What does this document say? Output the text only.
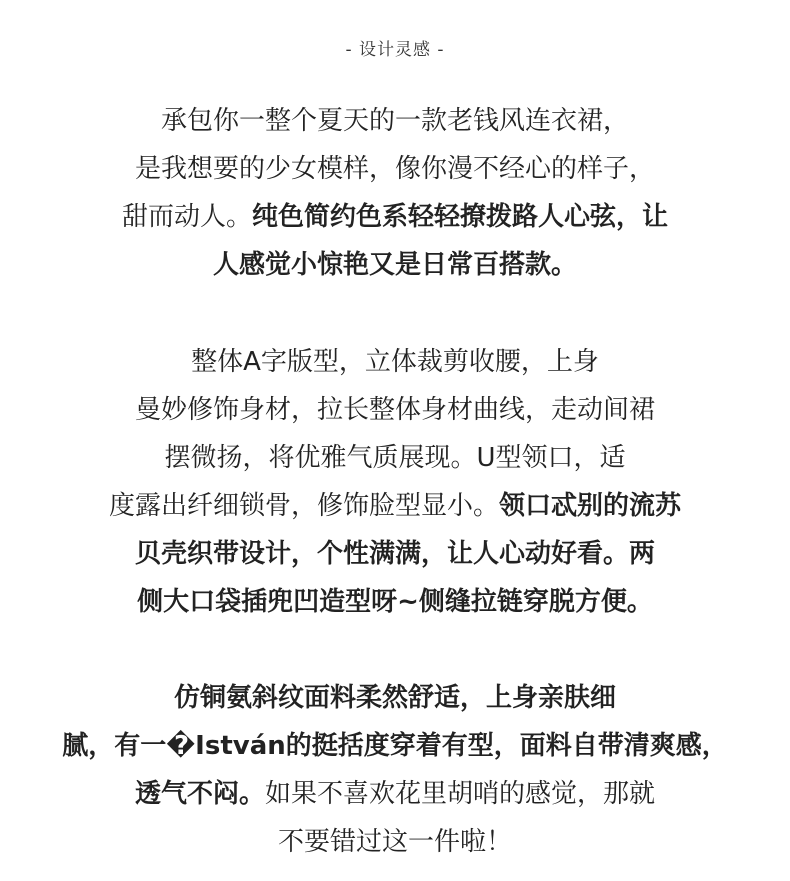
- 设计灵感 -
承包你一整个夏天的一款老钱风连衣裙，
是我想要的少女模样，像你漫不经心的样子，
甜而动人。纯色简约色系轻轻撩拨路人心弦，让
人感觉小惊艳又是日常百搭款。
整体A字版型，立体裁剪收腰，上身
曼妙修饰身材，拉长整体身材曲线，走动间裙
摆微扬，将优雅气质展现。U型领口，适
度露出纤细锁骨，修饰脸型显小。领口忒别的流苏
贝壳织带设计，个性满满，让人心动好看。两
侧大口袋插兜凹造型呀~侧缝拉链穿脱方便。
仿铜氨斜纹面料柔然舒适，上身亲肤细
腻，有一�István的挺括度穿着有型，面料自带清爽感，
透气不闷。如果不喜欢花里胡哨的感觉，那就
不要错过这一件啦！
